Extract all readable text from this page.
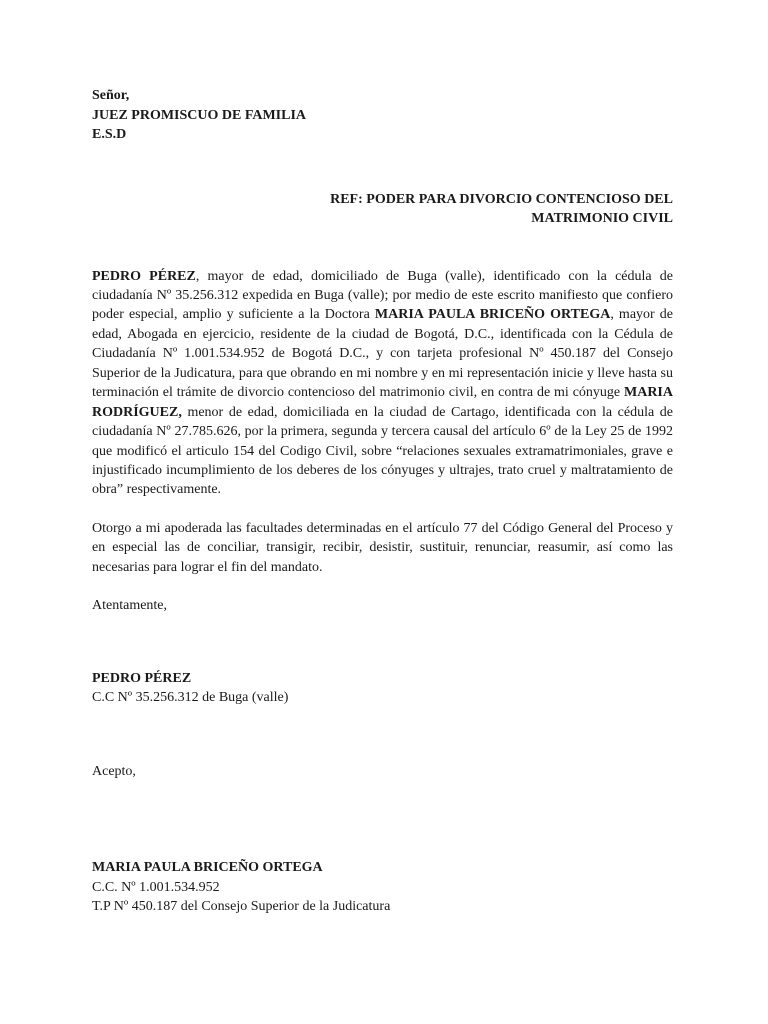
Señor,
JUEZ PROMISCUO DE FAMILIA
E.S.D
REF: PODER PARA DIVORCIO CONTENCIOSO DEL
MATRIMONIO CIVIL

PEDRO PÉREZ, mayor de edad, domiciliado de Buga (valle), identificado con la cédula de ciudadanía Nº 35.256.312 expedida en Buga (valle); por medio de este escrito manifiesto que confiero poder especial, amplio y suficiente a la Doctora MARIA PAULA BRICEÑO ORTEGA, mayor de edad, Abogada en ejercicio, residente de la ciudad de Bogotá, D.C., identificada con la Cédula de Ciudadanía Nº 1.001.534.952 de Bogotá D.C., y con tarjeta profesional Nº 450.187 del Consejo Superior de la Judicatura, para que obrando en mi nombre y en mi representación inicie y lleve hasta su terminación el trámite de divorcio contencioso del matrimonio civil, en contra de mi cónyuge MARIA RODRÍGUEZ, menor de edad, domiciliada en la ciudad de Cartago, identificada con la cédula de ciudadanía Nº 27.785.626, por la primera, segunda y tercera causal del artículo 6º de la Ley 25 de 1992 que modificó el articulo 154 del Codigo Civil, sobre “relaciones sexuales extramatrimoniales, grave e injustificado incumplimiento de los deberes de los cónyuges y ultrajes, trato cruel y maltratamiento de obra” respectivamente.

Otorgo a mi apoderada las facultades determinadas en el artículo 77 del Código General del Proceso y en especial las de conciliar, transigir, recibir, desistir, sustituir, renunciar, reasumir, así como las necesarias para lograr el fin del mandato.

Atentamente,
PEDRO PÉREZ
C.C Nº 35.256.312 de Buga (valle)
Acepto,
MARIA PAULA BRICEÑO ORTEGA
C.C. Nº 1.001.534.952
T.P Nº 450.187 del Consejo Superior de la Judicatura
